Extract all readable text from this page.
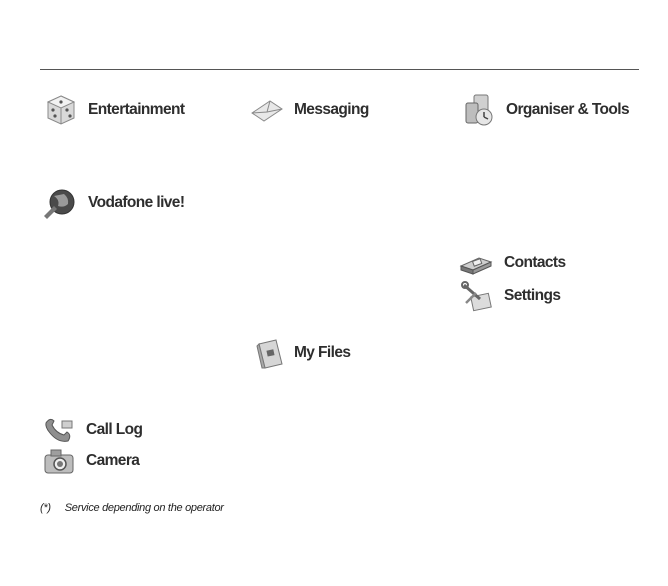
Entertainment	Messaging	Organiser & Tools
Vodafone live!
Contacts
Settings
My Files
Call Log
Camera
(*) Service depending on the operator
